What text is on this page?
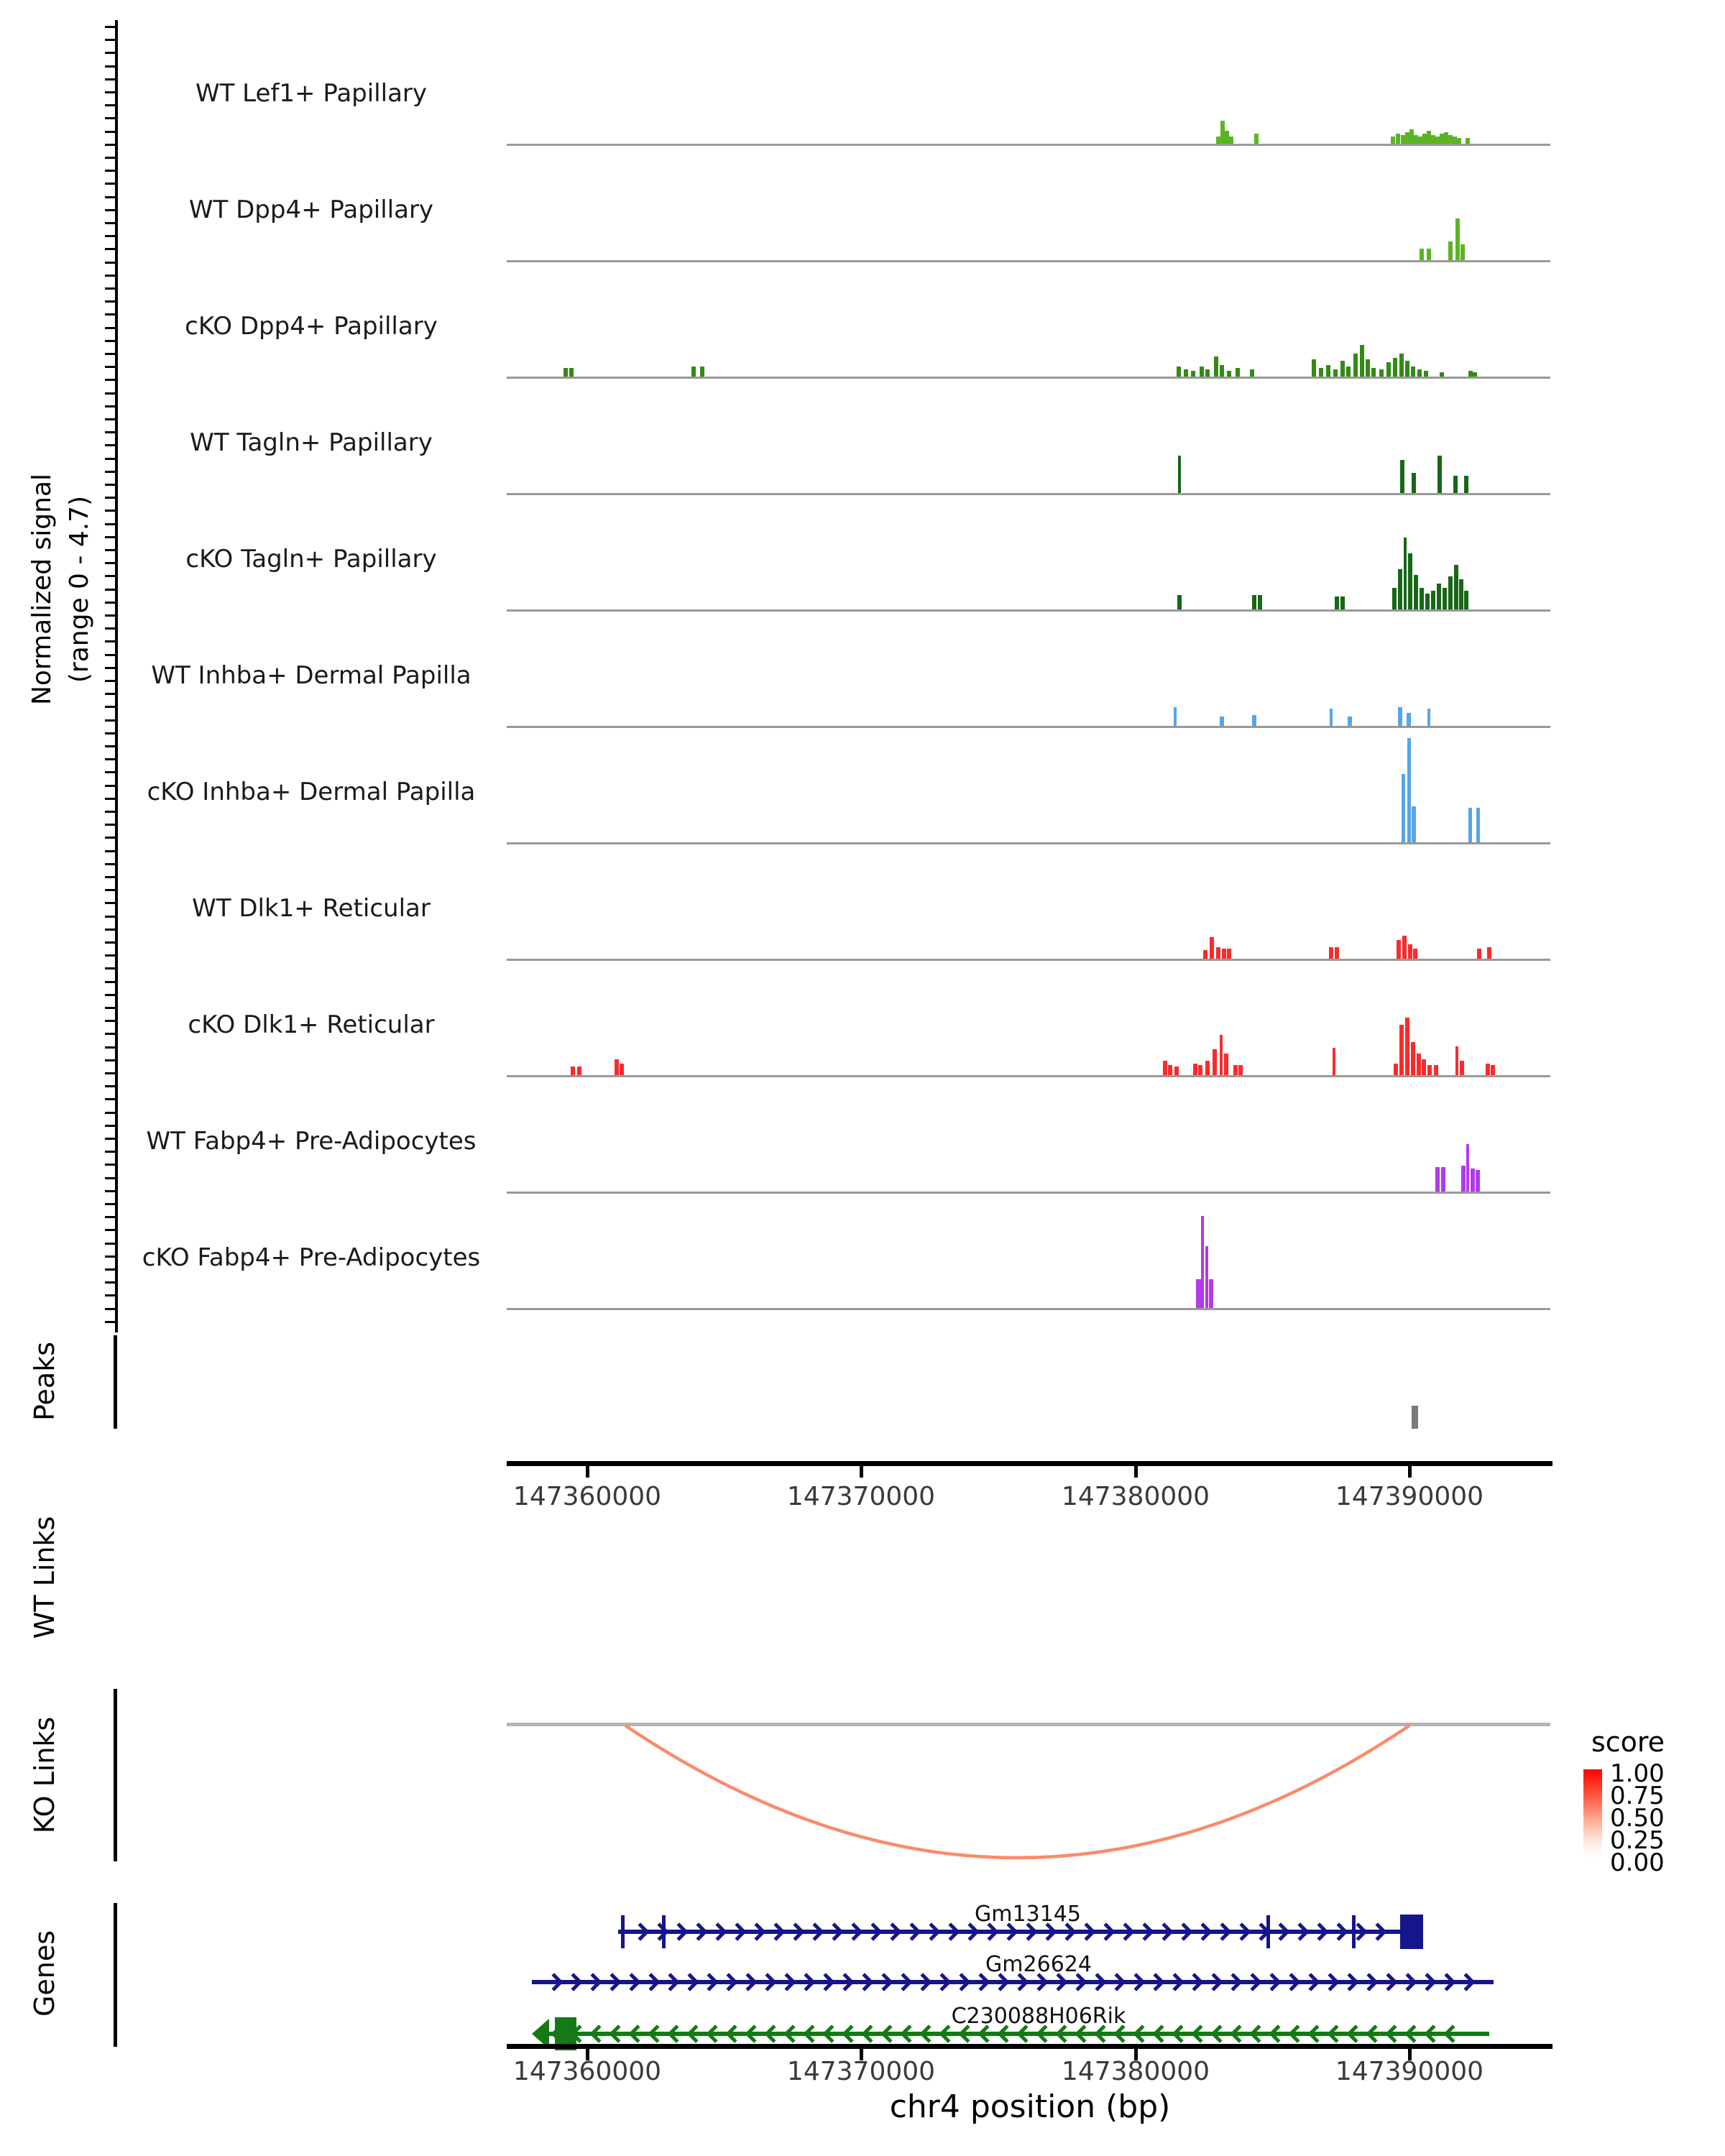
Normalized signal (range 0 - 4.7)
Peaks
WT Links
KO Links
Genes
147360000	147370000	147380000	147390000
score
1.00
0.75
0.50
0.25
0.00
WT Lef1+ Papillary
WT Dpp4+ Papillary
cKO Dpp4+ Papillary
WT Tagln+ Papillary
cKO Tagln+ Papillary
WT Inhba+ Dermal Papilla
cKO Inhba+ Dermal Papilla
WT Dlk1+ Reticular
cKO Dlk1+ Reticular
WT Fabp4+ Pre-Adipocytes
cKO Fabp4+ Pre-Adipocytes
Gm13145
Gm26624
C230088H06Rik
147360000	147370000	147380000	147390000
chr4 position (bp)
